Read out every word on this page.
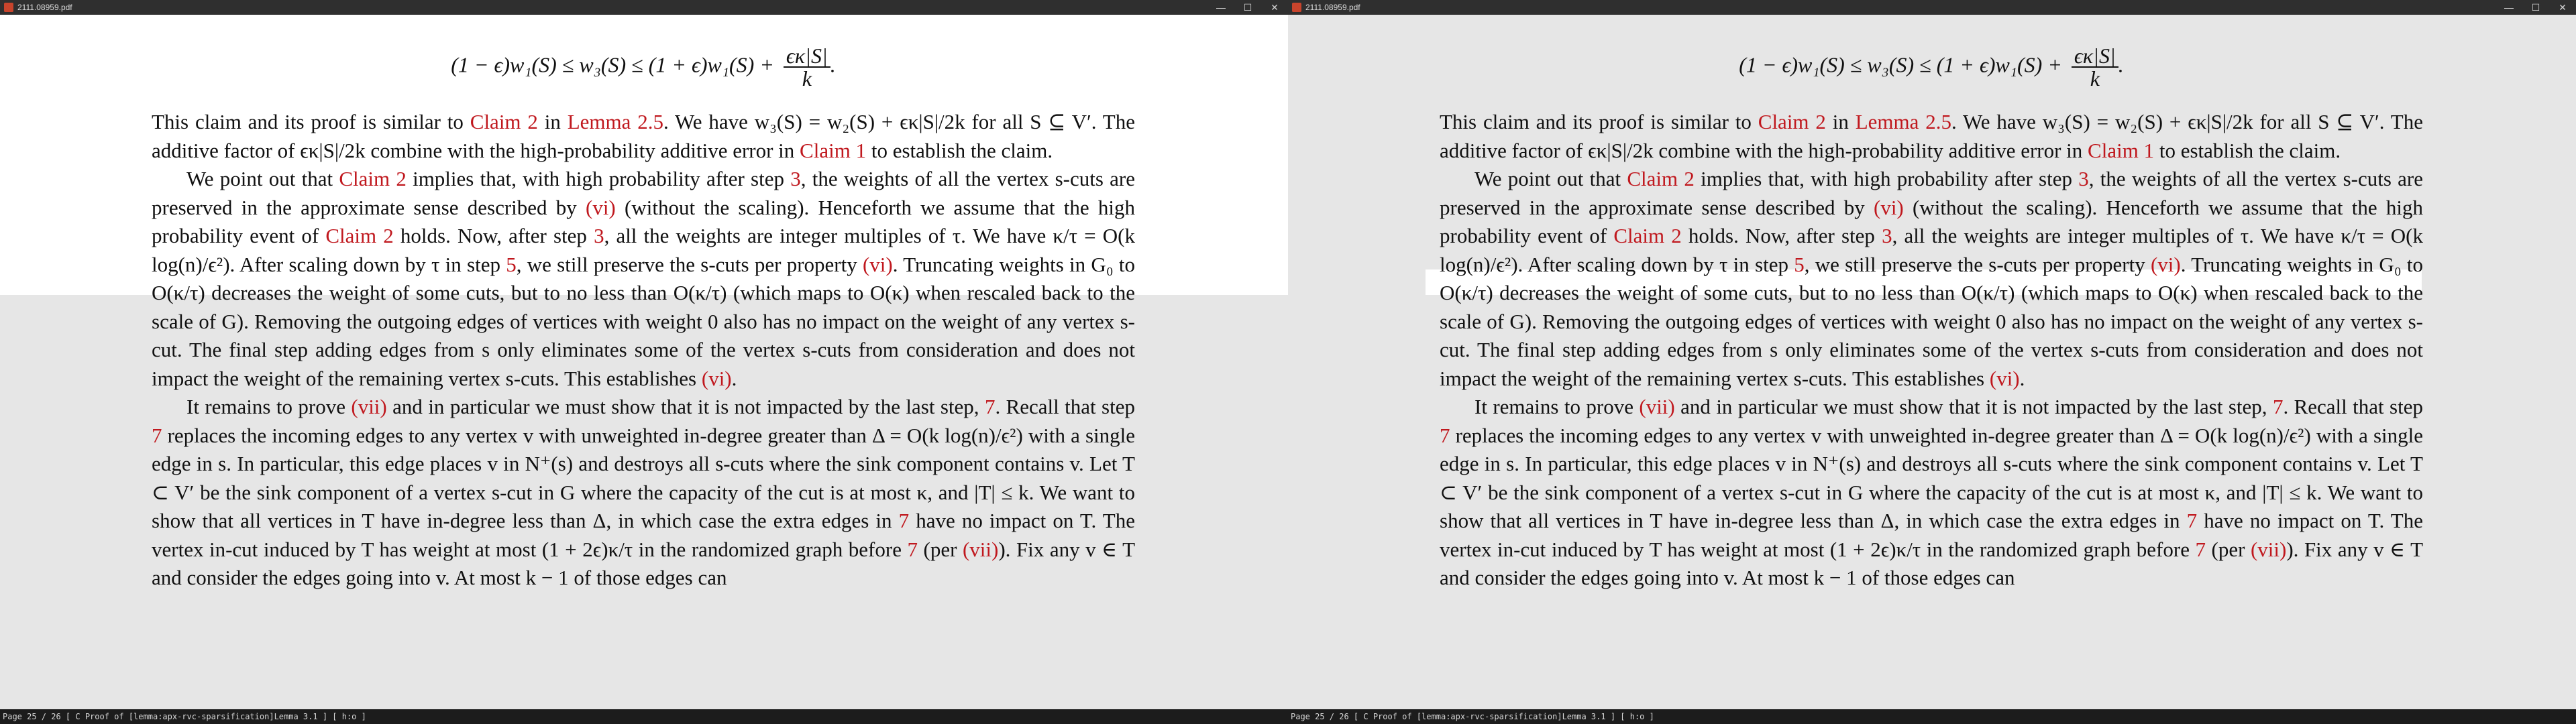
2111.08959.pdf	—	☐	✕
$(1 - \epsilon)w_1(S) \le w_3(S) \le (1 + \epsilon)w_1(S) + \frac{\epsilon\kappa|S|}{k}$ .

This claim and its proof is similar to Claim 2 in Lemma 2.5. We have w₃(S) = w₂(S) + ϵκ|S|/2k for all S ⊆ V′. The additive factor of ϵκ|S|/2k combine with the high-probability additive error in Claim 1 to establish the claim.

We point out that Claim 2 implies that, with high probability after step 3, the weights of all the vertex s-cuts are preserved in the approximate sense described by (vi) (without the scaling). Henceforth we assume that the high probability event of Claim 2 holds. Now, after step 3, all the weights are integer multiples of τ. We have κ/τ = O(k log(n)/ϵ²). After scaling down by τ in step 5, we still preserve the s-cuts per property (vi). Truncating weights in G₀ to O(κ/τ) decreases the weight of some cuts, but to no less than O(κ/τ) (which maps to O(κ) when rescaled back to the scale of G). Removing the outgoing edges of vertices with weight 0 also has no impact on the weight of any vertex s-cut. The final step adding edges from s only eliminates some of the vertex s-cuts from consideration and does not impact the weight of the remaining vertex s-cuts. This establishes (vi).

It remains to prove (vii) and in particular we must show that it is not impacted by the last step, 7. Recall that step 7 replaces the incoming edges to any vertex v with unweighted in-degree greater than Δ = O(k log(n)/ϵ²) with a single edge in s. In particular, this edge places v in N⁺(s) and destroys all s-cuts where the sink component contains v. Let T ⊂ V′ be the sink component of a vertex s-cut in G where the capacity of the cut is at most κ, and |T| ≤ k. We want to show that all vertices in T have in-degree less than Δ, in which case the extra edges in 7 have no impact on T. The vertex in-cut induced by T has weight at most (1 + 2ϵ)κ/τ in the randomized graph before 7 (per (vii)). Fix any v ∈ T and consider the edges going into v. At most k − 1 of those edges can

Page 25 / 26 [ C Proof of [lemma:apx-rvc-sparsification]Lemma 3.1 ] [ h:o ]
2111.08959.pdf	—	☐	✕
$(1 - \epsilon)w_1(S) \le w_3(S) \le (1 + \epsilon)w_1(S) + \frac{\epsilon\kappa|S|}{k}$ .

This claim and its proof is similar to Claim 2 in Lemma 2.5. We have w₃(S) = w₂(S) + ϵκ|S|/2k for all S ⊆ V′. The additive factor of ϵκ|S|/2k combine with the high-probability additive error in Claim 1 to establish the claim.

We point out that Claim 2 implies that, with high probability after step 3, the weights of all the vertex s-cuts are preserved in the approximate sense described by (vi) (without the scaling). Henceforth we assume that the high probability event of Claim 2 holds. Now, after step 3, all the weights are integer multiples of τ. We have κ/τ = O(k log(n)/ϵ²). After scaling down by τ in step 5, we still preserve the s-cuts per property (vi). Truncating weights in G₀ to O(κ/τ) decreases the weight of some cuts, but to no less than O(κ/τ) (which maps to O(κ) when rescaled back to the scale of G). Removing the outgoing edges of vertices with weight 0 also has no impact on the weight of any vertex s-cut. The final step adding edges from s only eliminates some of the vertex s-cuts from consideration and does not impact the weight of the remaining vertex s-cuts. This establishes (vi).

It remains to prove (vii) and in particular we must show that it is not impacted by the last step, 7. Recall that step 7 replaces the incoming edges to any vertex v with unweighted in-degree greater than Δ = O(k log(n)/ϵ²) with a single edge in s. In particular, this edge places v in N⁺(s) and destroys all s-cuts where the sink component contains v. Let T ⊂ V′ be the sink component of a vertex s-cut in G where the capacity of the cut is at most κ, and |T| ≤ k. We want to show that all vertices in T have in-degree less than Δ, in which case the extra edges in 7 have no impact on T. The vertex in-cut induced by T has weight at most (1 + 2ϵ)κ/τ in the randomized graph before 7 (per (vii)). Fix any v ∈ T and consider the edges going into v. At most k − 1 of those edges can

Page 25 / 26 [ C Proof of [lemma:apx-rvc-sparsification]Lemma 3.1 ] [ h:o ]
